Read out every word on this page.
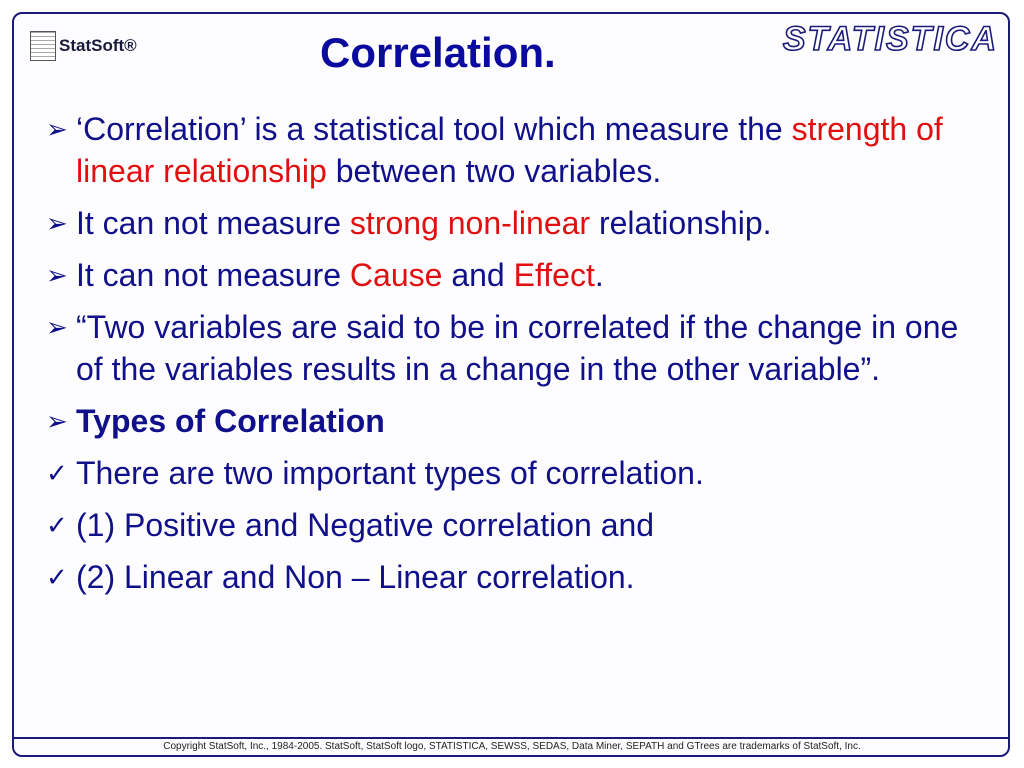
StatSoft®	STATISTICA
Correlation.
➢ ‘Correlation’ is a statistical tool which measure the strength of linear relationship between two variables.
➢ It can not measure strong non-linear relationship.
➢ It can not measure Cause and Effect.
➢ “Two variables are said to be in correlated if the change in one of the variables results in a change in the other variable”.
➢ Types of Correlation
✓ There are two important types of correlation.
✓ (1) Positive and Negative correlation and
✓ (2) Linear and Non – Linear correlation.
Copyright StatSoft, Inc., 1984-2005. StatSoft, StatSoft logo, STATISTICA, SEWSS, SEDAS, Data Miner, SEPATH and GTrees are trademarks of StatSoft, Inc.
